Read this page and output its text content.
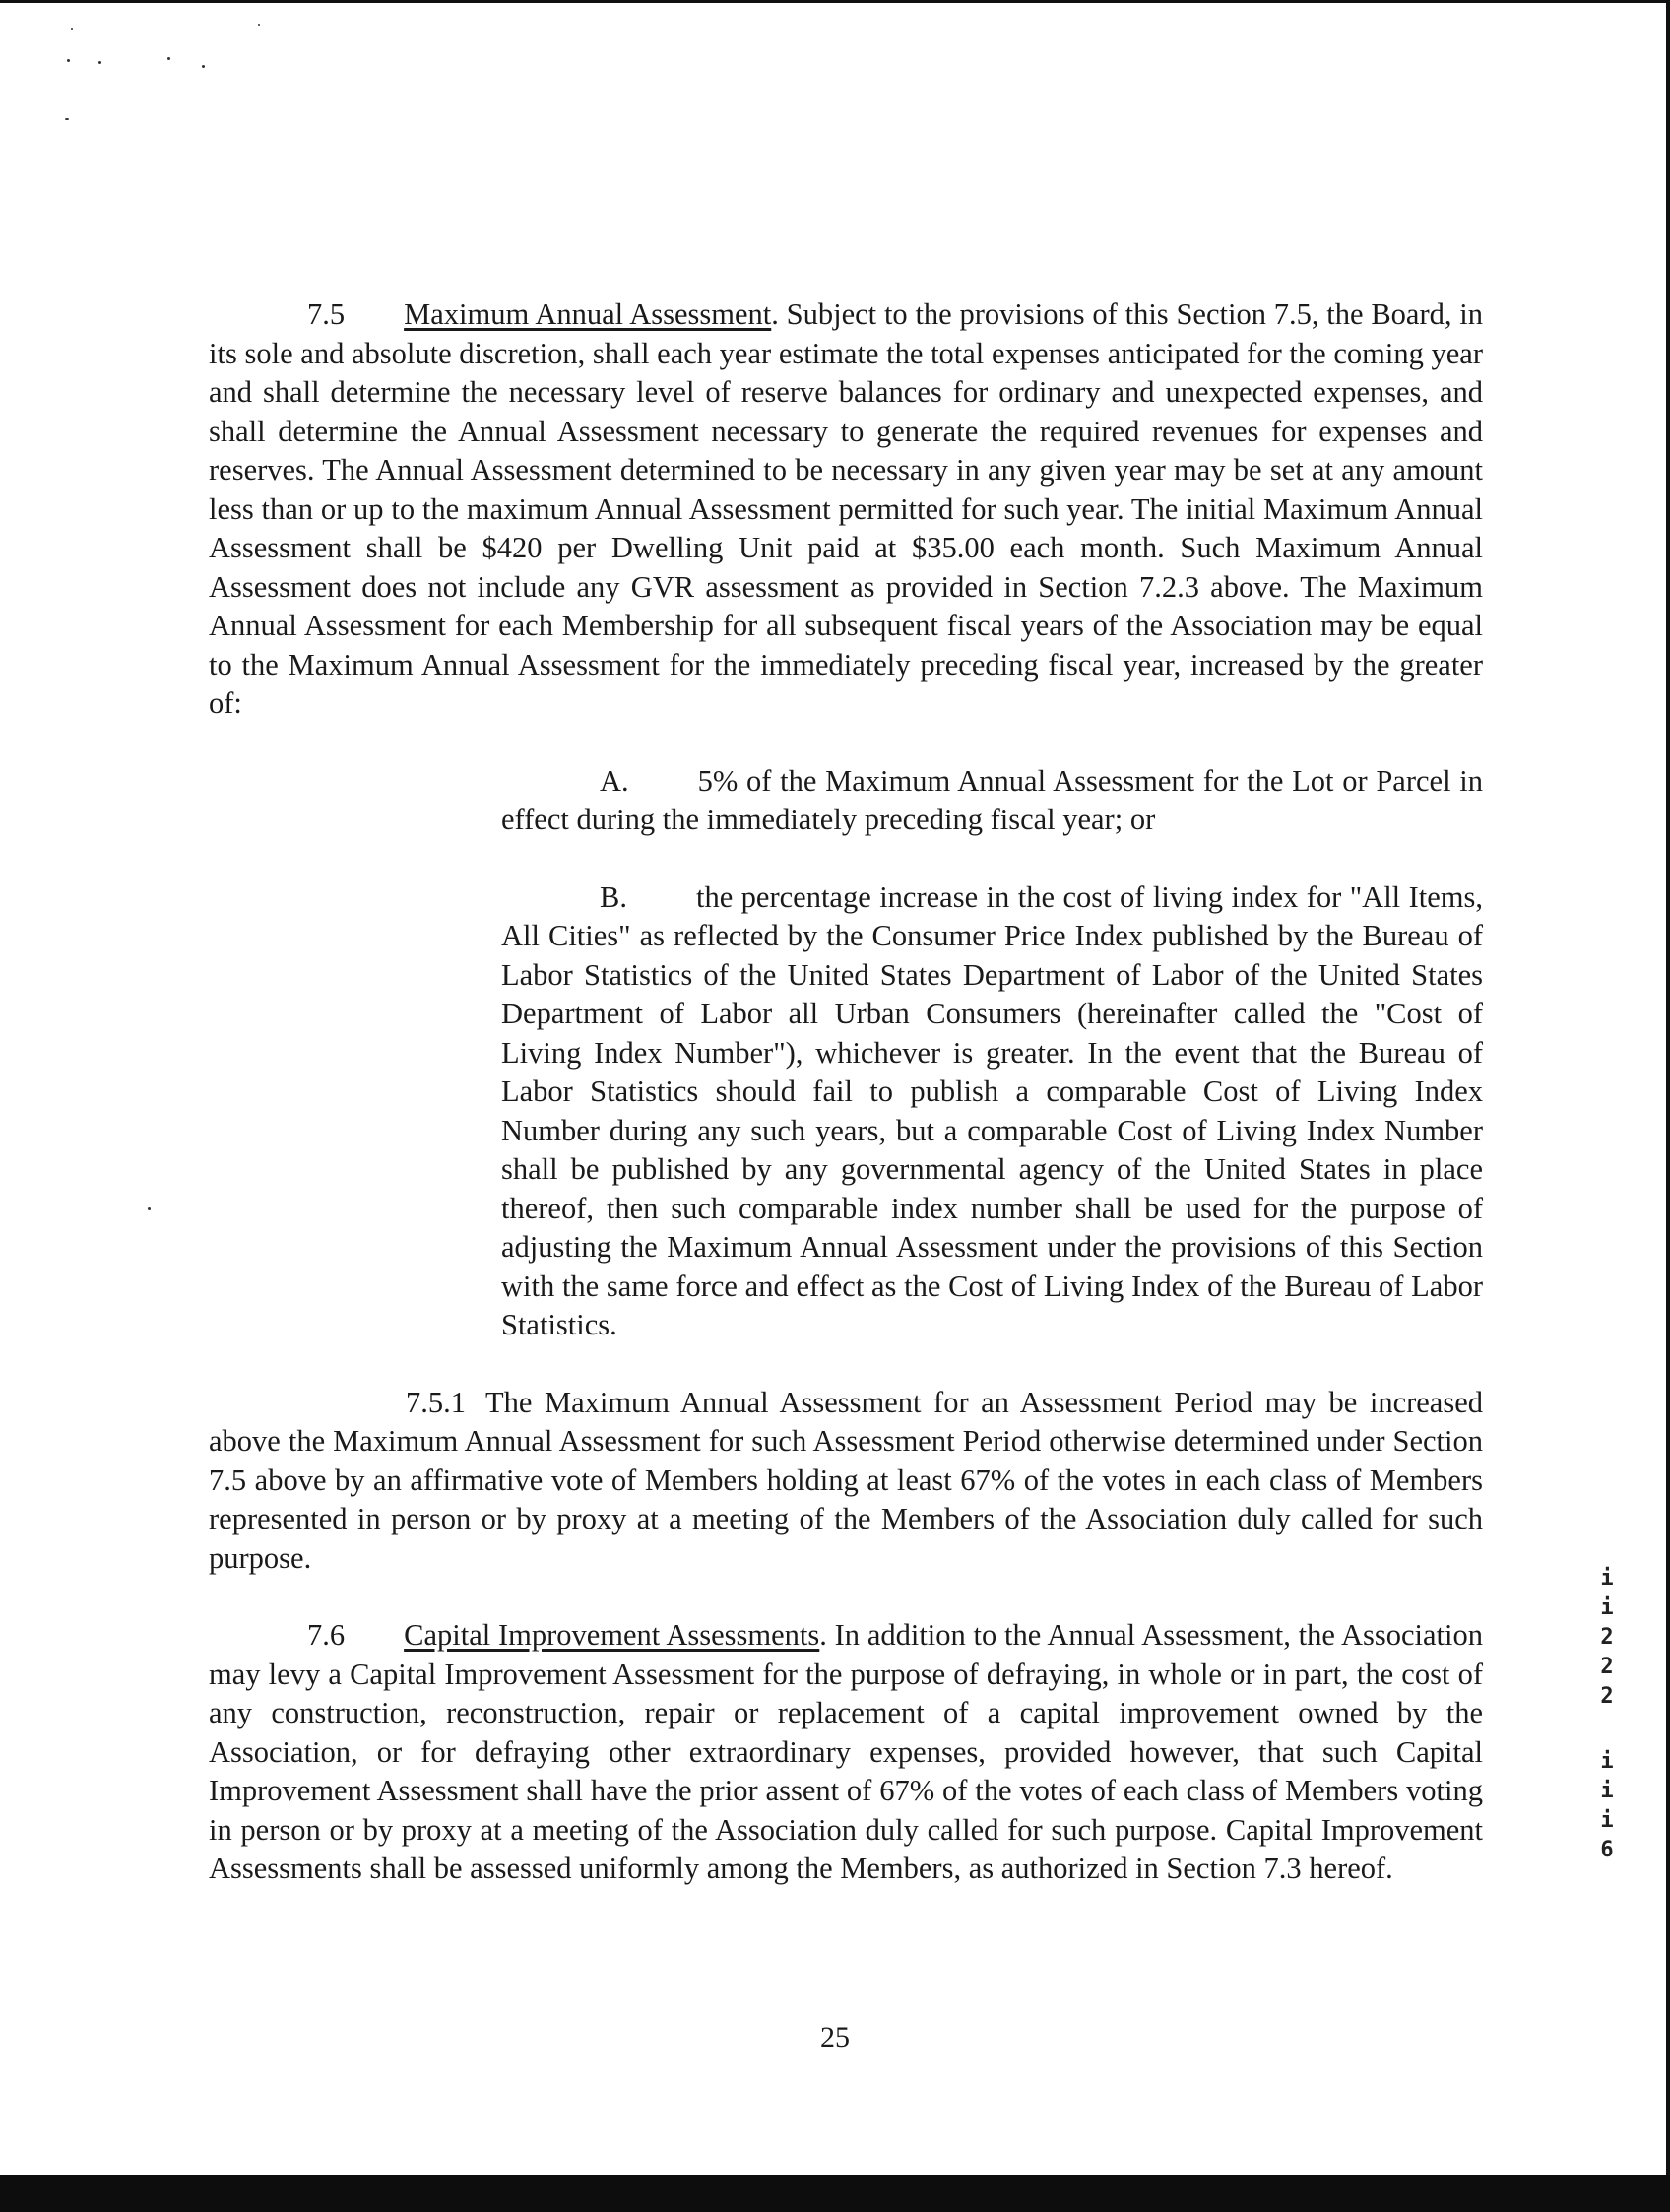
7.5 Maximum Annual Assessment. Subject to the provisions of this Section 7.5, the Board, in its sole and absolute discretion, shall each year estimate the total expenses anticipated for the coming year and shall determine the necessary level of reserve balances for ordinary and unexpected expenses, and shall determine the Annual Assessment necessary to generate the required revenues for expenses and reserves. The Annual Assessment determined to be necessary in any given year may be set at any amount less than or up to the maximum Annual Assessment permitted for such year. The initial Maximum Annual Assessment shall be $420 per Dwelling Unit paid at $35.00 each month. Such Maximum Annual Assessment does not include any GVR assessment as provided in Section 7.2.3 above. The Maximum Annual Assessment for each Membership for all subsequent fiscal years of the Association may be equal to the Maximum Annual Assessment for the immediately preceding fiscal year, increased by the greater of:

A. 5% of the Maximum Annual Assessment for the Lot or Parcel in effect during the immediately preceding fiscal year; or

B. the percentage increase in the cost of living index for "All Items, All Cities" as reflected by the Consumer Price Index published by the Bureau of Labor Statistics of the United States Department of Labor of the United States Department of Labor all Urban Consumers (hereinafter called the "Cost of Living Index Number"), whichever is greater. In the event that the Bureau of Labor Statistics should fail to publish a comparable Cost of Living Index Number during any such years, but a comparable Cost of Living Index Number shall be published by any governmental agency of the United States in place thereof, then such comparable index number shall be used for the purpose of adjusting the Maximum Annual Assessment under the provisions of this Section with the same force and effect as the Cost of Living Index of the Bureau of Labor Statistics.

7.5.1 The Maximum Annual Assessment for an Assessment Period may be increased above the Maximum Annual Assessment for such Assessment Period otherwise determined under Section 7.5 above by an affirmative vote of Members holding at least 67% of the votes in each class of Members represented in person or by proxy at a meeting of the Members of the Association duly called for such purpose.

7.6 Capital Improvement Assessments. In addition to the Annual Assessment, the Association may levy a Capital Improvement Assessment for the purpose of defraying, in whole or in part, the cost of any construction, reconstruction, repair or replacement of a capital improvement owned by the Association, or for defraying other extraordinary expenses, provided however, that such Capital Improvement Assessment shall have the prior assent of 67% of the votes of each class of Members voting in person or by proxy at a meeting of the Association duly called for such purpose. Capital Improvement Assessments shall be assessed uniformly among the Members, as authorized in Section 7.3 hereof.

i
i
2
2
2
i
i
i
6
25
